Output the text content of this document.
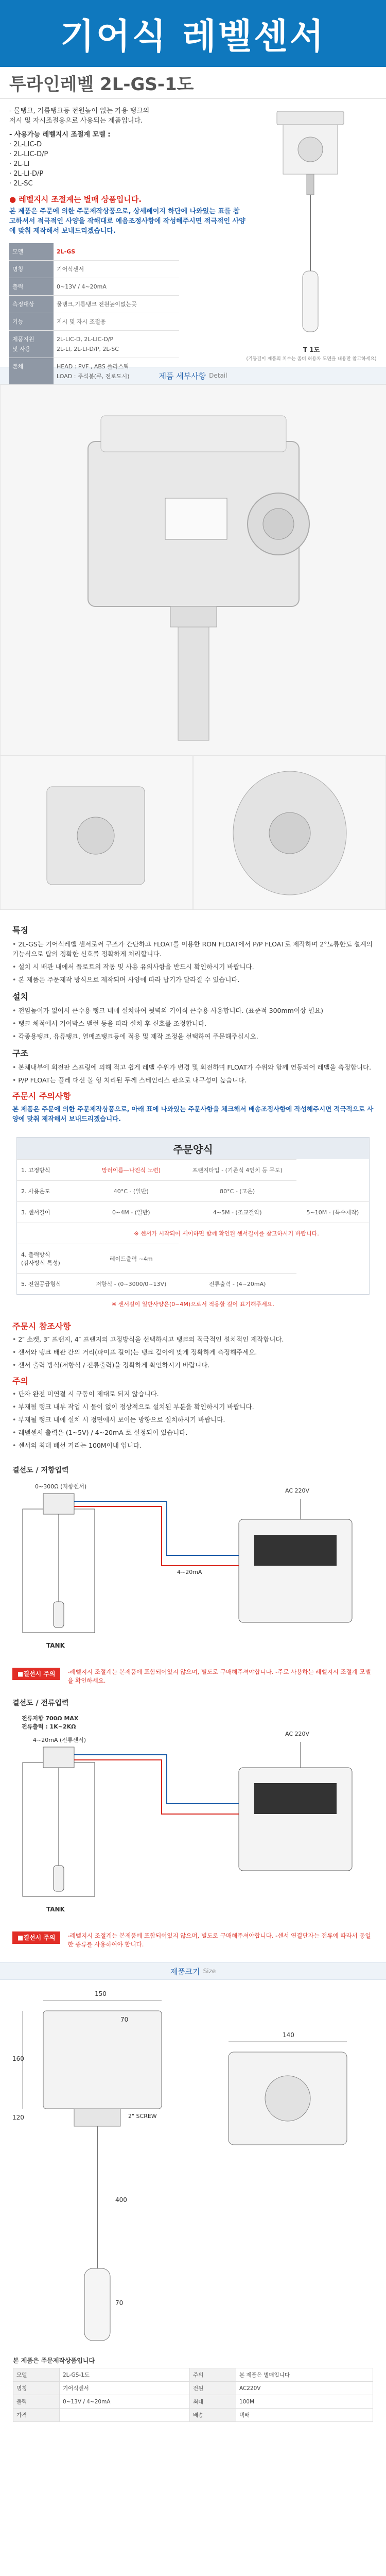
기어식 레벨센서
투라인레벨 2L-GS-1도
- 물탱크, 기름탱크등 전원높이 없는 가용 탱크의
저시 및 자시조절용으로 사용되는 제품입니다.
- 사용가능 레벨지시 조절계 모델 :
· 2L-LIC-D
· 2L-LIC-D/P
· 2L-LI
· 2L-LI-D/P
· 2L-SC
● 레벨지시 조절계는 별매 상품입니다.
본 제품은 주문에 의한 주문제작상품으로, 상세페이지 하단에 나와있는 표를 참고하셔서 적극적인 사양을 작해대로 예음조정사항에 작성해주시면 적극적인 사양에 맞춰 제작해서 보내드리겠습니다.
모델	2L-GS
명칭	기어식센서
출력	0~13V / 4~20mA
측정대상	물탱크,기름탱크 전원높이없는곳
기능	지시 및 자시 조절용
제품지원
및 사용	2L-LIC-D, 2L-LIC-D/P
2L-LI, 2L-LI-D/P, 2L-SC
본체	HEAD : PVF , ABS 플라스틱
LOAD : 주석봉(쿠, 전로도시)
T 1도
(기둥길이 제품의 치수는 좀더 허용차 도면을 내용만 참고하세요)
제품 세부사항 Detail
특징
• 2L-GS는 기어식레벨 센서로써 구조가 간단하고 FLOAT를 이용한 RON FLOAT에서 P/P FLOAT로 제작하며 2°노류한도 설계의 기능식으로 탑의 정확한 신호를 정확하게 처리합니다.
• 설치 시 배관 내에서 플로트의 작동 및 사용 유의사항을 반드시 확인하시기 바랍니다.
• 본 제품은 주문제작 방식으로 제작되며 사양에 따라 납기가 달라질 수 있습니다.
설치
• 전임높이가 없어서 큰수용 탱크 내에 설치하여 뒷벽의 기어식 큰수용 사용합니다. (표준적 300mm이상 필요)
• 탱크 체적에서 기어박스 밸런 등을 따라 설치 후 신호를 조정합니다.
• 각종용탱크, 유류탱크, 열매조탱크등에 적용 및 제작 조정을 선택하여 주문해주십시오.
구조
• 본체내부에 회전판 스프링에 의해 적고 쉽게 레벨 수위가 변경 및 회전하며 FLOAT가 수위와 함께 연동되어 레벨을 측정합니다.
• P/P FLOAT는 플레 대신 볼 형 처리된 두께 스테인리스 판으로 내구성이 높습니다.
주문시 주의사항
본 제품은 주문에 의한 주문제작상품으로, 아래 표에 나와있는 주문사항을 체크해서 배송조정사항에 작성해주시면 적극적으로 사양에 맞춰 제작해서 보내드리겠습니다.
주문양식
1. 고정방식	망러이름—나진식 노련)	프랜지타입 - (기존식 4인치 등 무도)	
2. 사용온도	40°C - (일반)	80°C - (고온)	
3. 센서길이	0~4M - (일반)	4~5M - (조교절약)	5~10M - (특수제작)
	※ 센서가 시작되어 세이하면 함께 확인된 센서길이를 참고하시기 바랍니다.		
4. 출력방식
(검사방식 특성)	레이드출력 ~4m		
5. 전원공급형식	저항식 - (0~3000/0~13V)	전류출력 - (4~20mA)	
※ 센서길이 일반사양은(0~4M)으로서 적용할 길이 표기해주세요.
주문시 참조사항
• 2″ 소켓, 3″ 프랜지, 4″ 프랜지의 고정방식을 선택하시고 탱크의 적극적인 설치적인 제작합니다.
• 센서와 탱크 배관 간의 거리(파이프 길이)는 탱크 깊이에 맞게 정확하게 측정해주세요.
• 센서 출력 방식(저항식 / 전류출력)을 정확하게 확인하시기 바랍니다.
주의
• 단자 완전 미연결 시 구동이 제대로 되지 않습니다.
• 부재될 탱크 내부 작업 시 물이 없이 정상적으로 설치된 부분을 확인하시기 바랍니다.
• 부재될 탱크 내에 설치 시 정면에서 보이는 방향으로 설치하시기 바랍니다.
• 레벨센서 출력은 (1~5V) / 4~20mA 로 설정되어 있습니다.
• 센서의 최대 배선 거리는 100M이내 입니다.
결선도 / 저항입력
0~300Ω (저항센서)
TANK
AC 220V
4~20mA
■결선시 주의	-레벨지시 조절계는 본제품에 포함되어있지 않으며, 별도로 구매해주셔야합니다. -주로 사용하는 레벨지시 조절계 모델을 확인하세요.
결선도 / 전류입력
전류저항 700Ω MAX
전류출력 : 1K~2KΩ
4~20mA (전류센서)
TANK
AC 220V
■결선시 주의	-레벨지시 조절계는 본제품에 포함되어있지 않으며, 별도로 구매해주셔야합니다. -센서 연결단자는 전류에 따라서 동일한 종류를 사용하여야 합니다.
제품크기 Size
150
70
160
120
400
70
2" SCREW
140
본 제품은 주문제작상품입니다
모델	2L-GS-1도	주의	본 제품은 별매입니다
명칭	기어식센서	전원	AC220V
출력	0~13V / 4~20mA	최대	100M
가격		배송	택배
